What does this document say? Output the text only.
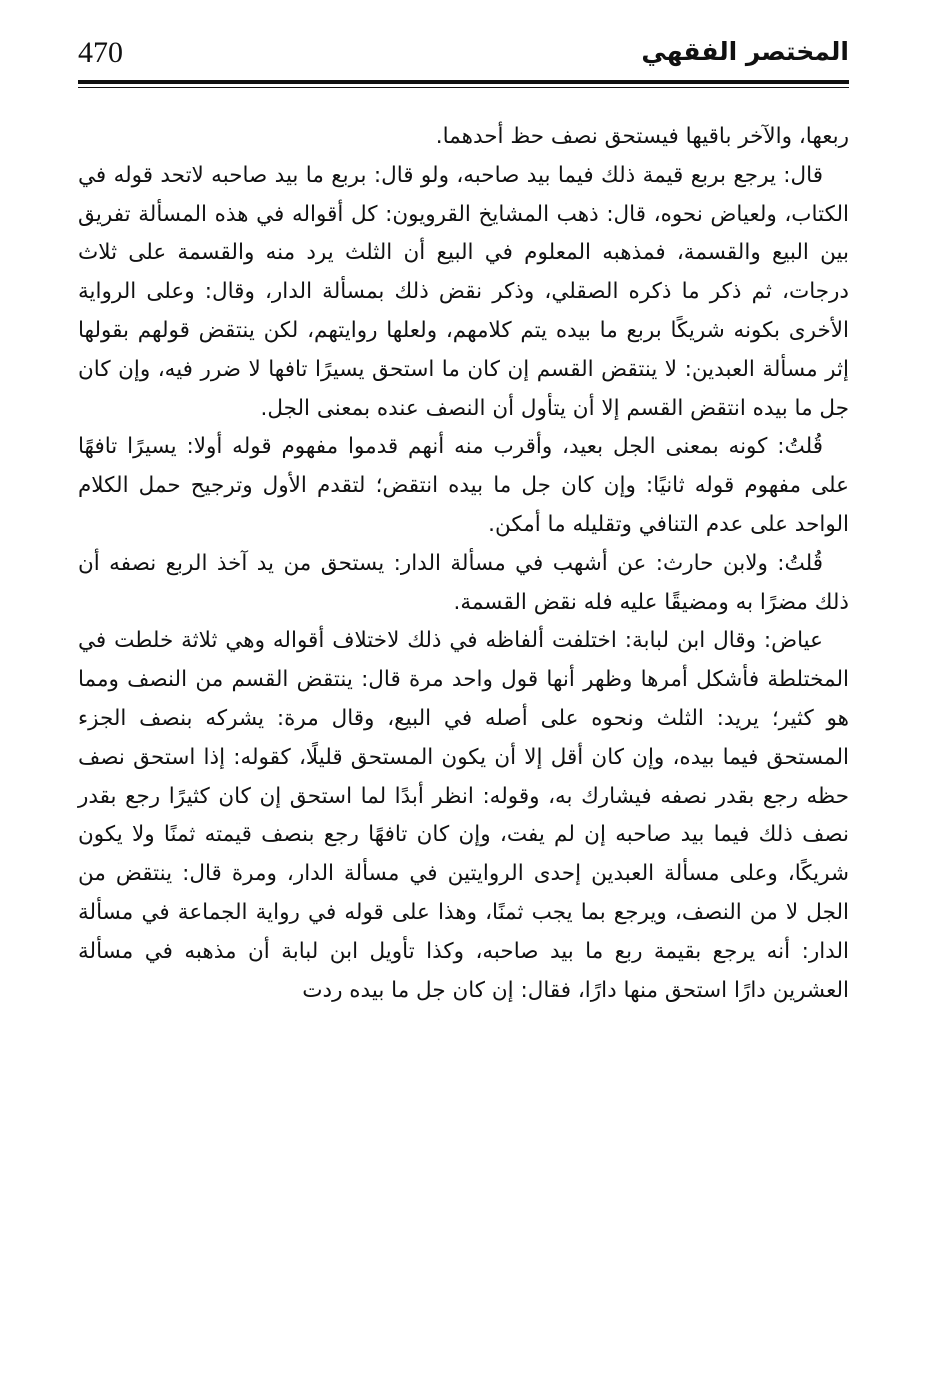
470	المختصر الفقهي

ربعها، والآخر باقيها فيستحق نصف حظ أحدهما.

قال: يرجع بربع قيمة ذلك فيما بيد صاحبه، ولو قال: بربع ما بيد صاحبه لاتحد قوله في الكتاب، ولعياض نحوه، قال: ذهب المشايخ القرويون: كل أقواله في هذه المسألة تفريق بين البيع والقسمة، فمذهبه المعلوم في البيع أن الثلث يرد منه والقسمة على ثلاث درجات، ثم ذكر ما ذكره الصقلي، وذكر نقض ذلك بمسألة الدار، وقال: وعلى الرواية الأخرى بكونه شريكًا بربع ما بيده يتم كلامهم، ولعلها روايتهم، لكن ينتقض قولهم بقولها إثر مسألة العبدين: لا ينتقض القسم إن كان ما استحق يسيرًا تافها لا ضرر فيه، وإن كان جل ما بيده انتقض القسم إلا أن يتأول أن النصف عنده بمعنى الجل.

قُلتُ: كونه بمعنى الجل بعيد، وأقرب منه أنهم قدموا مفهوم قوله أولا: يسيرًا تافهًا على مفهوم قوله ثانيًا: وإن كان جل ما بيده انتقض؛ لتقدم الأول وترجيح حمل الكلام الواحد على عدم التنافي وتقليله ما أمكن.

قُلتُ: ولابن حارث: عن أشهب في مسألة الدار: يستحق من يد آخذ الربع نصفه أن ذلك مضرًا به ومضيقًا عليه فله نقض القسمة.

عياض: وقال ابن لبابة: اختلفت ألفاظه في ذلك لاختلاف أقواله وهي ثلاثة خلطت في المختلطة فأشكل أمرها وظهر أنها قول واحد مرة قال: ينتقض القسم من النصف ومما هو كثير؛ يريد: الثلث ونحوه على أصله في البيع، وقال مرة: يشركه بنصف الجزء المستحق فيما بيده، وإن كان أقل إلا أن يكون المستحق قليلًا، كقوله: إذا استحق نصف حظه رجع بقدر نصفه فيشارك به، وقوله: انظر أبدًا لما استحق إن كان كثيرًا رجع بقدر نصف ذلك فيما بيد صاحبه إن لم يفت، وإن كان تافهًا رجع بنصف قيمته ثمنًا ولا يكون شريكًا، وعلى مسألة العبدين إحدى الروايتين في مسألة الدار، ومرة قال: ينتقض من الجل لا من النصف، ويرجع بما يجب ثمنًا، وهذا على قوله في رواية الجماعة في مسألة الدار: أنه يرجع بقيمة ربع ما بيد صاحبه، وكذا تأويل ابن لبابة أن مذهبه في مسألة العشرين دارًا استحق منها دارًا، فقال: إن كان جل ما بيده ردت
